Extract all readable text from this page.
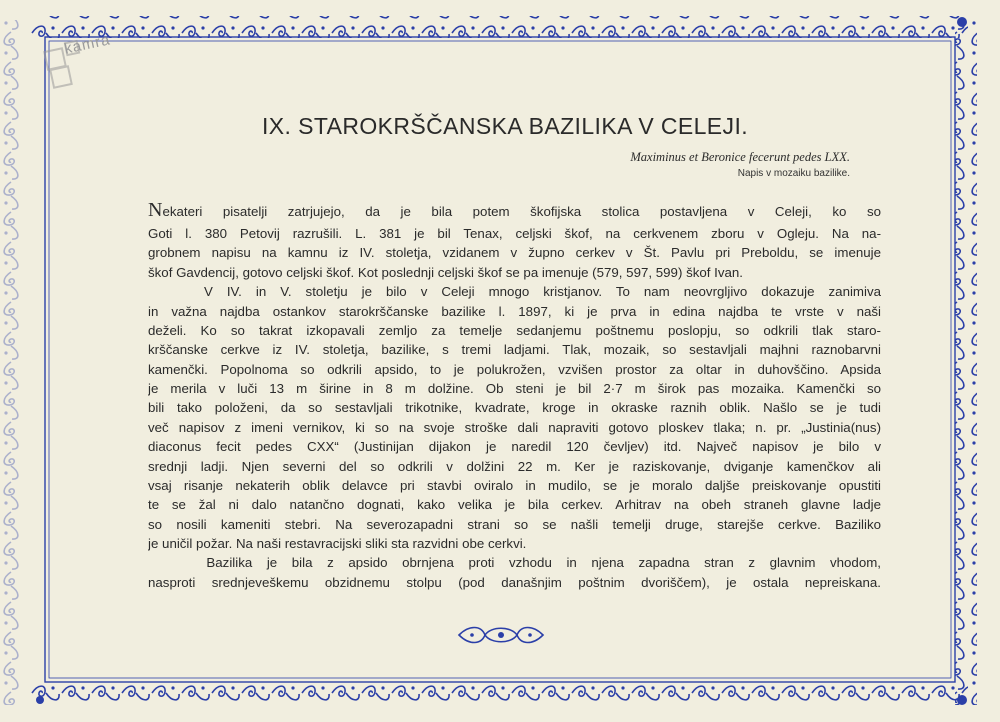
kamra
IX. STAROKRŠČANSKA BAZILIKA V CELEJI.
Maximinus et Beronice fecerunt pedes LXX.
Napis v mozaiku bazilike.
Nekateri pisatelji zatrjujejo, da je bila potem škofijska stolica postavljena v Celeji, ko so
Goti l. 380 Petovij razrušili. L. 381 je bil Tenax, celjski škof, na cerkvenem zboru v Ogleju. Na na-
grobnem napisu na kamnu iz IV. stoletja, vzidanem v župno cerkev v Št. Pavlu pri Preboldu, se imenuje
škof Gavdencij, gotovo celjski škof. Kot poslednji celjski škof se pa imenuje (579, 597, 599) škof Ivan.
V IV. in V. stoletju je bilo v Celeji mnogo kristjanov. To nam neovrgljivo dokazuje zanimiva
in važna najdba ostankov starokrščanske bazilike l. 1897, ki je prva in edina najdba te vrste v naši
deželi. Ko so takrat izkopavali zemljo za temelje sedanjemu poštnemu poslopju, so odkrili tlak staro-
krščanske cerkve iz IV. stoletja, bazilike, s tremi ladjami. Tlak, mozaik, so sestavljali majhni raznobarvni
kamenčki. Popolnoma so odkrili apsido, to je polukrožen, vzvišen prostor za oltar in duhovščino. Apsida
je merila v luči 13 m širine in 8 m dolžine. Ob steni je bil 2·7 m širok pas mozaika. Kamenčki so
bili tako položeni, da so sestavljali trikotnike, kvadrate, kroge in okraske raznih oblik. Našlo se je tudi
več napisov z imeni vernikov, ki so na svoje stroške dali napraviti gotovo ploskev tlaka; n. pr. „Justinia(nus)
diaconus fecit pedes CXX“ (Justinijan dijakon je naredil 120 čevljev) itd. Največ napisov je bilo v
srednji ladji. Njen severni del so odkrili v dolžini 22 m. Ker je raziskovanje, dviganje kamenčkov ali
vsaj risanje nekaterih oblik delavce pri stavbi oviralo in mudilo, se je moralo daljše preiskovanje opustiti
te se žal ni dalo natančno dognati, kako velika je bila cerkev. Arhitrav na obeh straneh glavne ladje
so nosili kameniti stebri. Na severozapadni strani so se našli temelji druge, starejše cerkve. Baziliko
je uničil požar. Na naši restavracijski sliki sta razvidni obe cerkvi.
Bazilika je bila z apsido obrnjena proti vzhodu in njena zapadna stran z glavnim vhodom,
nasproti srednjeveškemu obzidnemu stolpu (pod današnjim poštnim dvoriščem), je ostala nepreiskana.
